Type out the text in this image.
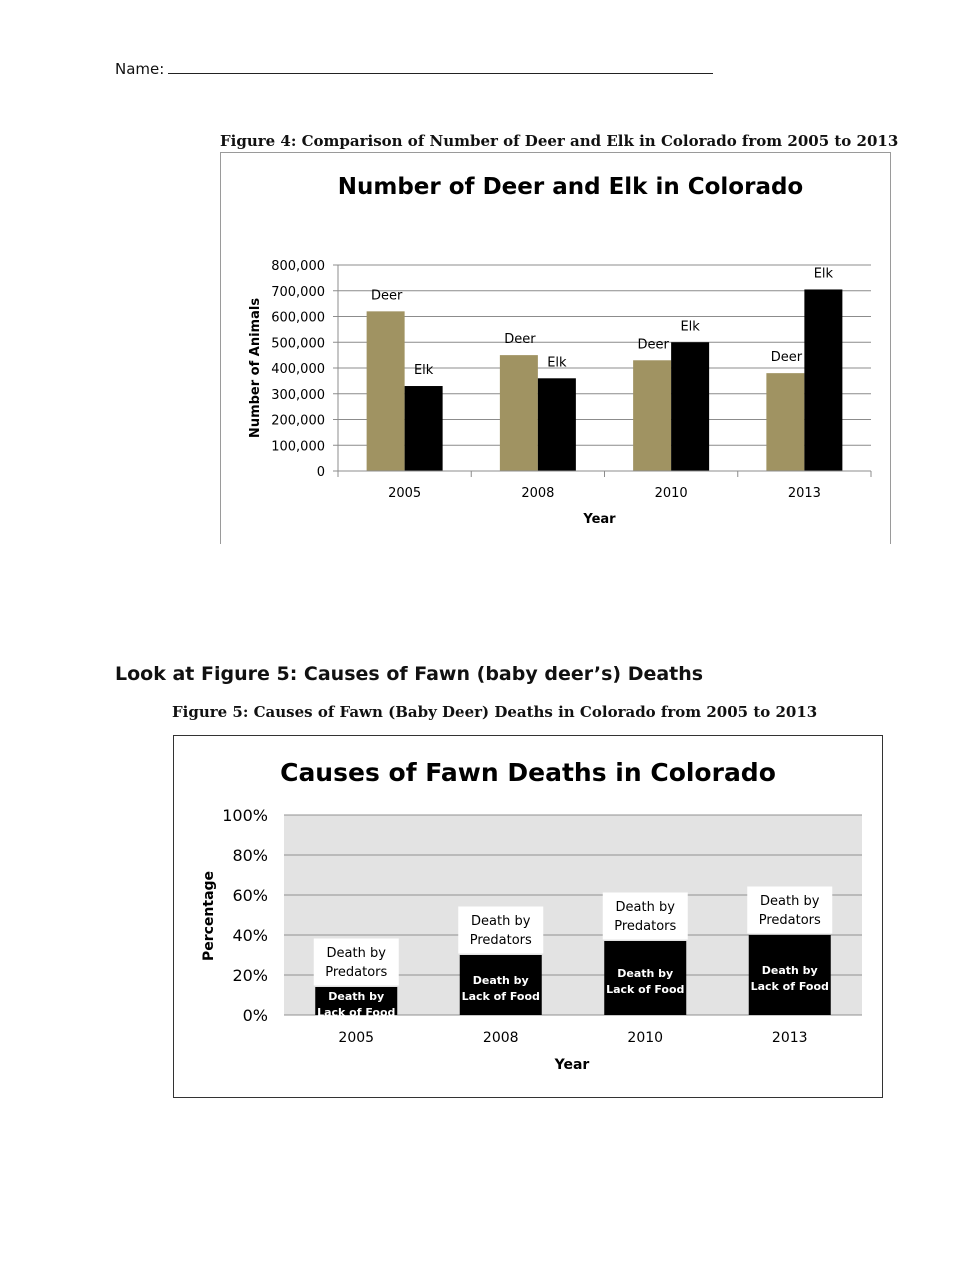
Name:
Figure 4: Comparison of Number of Deer and Elk in Colorado from 2005 to 2013
Number of Deer and Elk in Colorado
0
100,000
200,000
300,000
400,000
500,000
600,000
700,000
800,000
2005
Deer
Elk
2008
Deer
Elk
2010
Deer
Elk
2013
Deer
Elk
Year
Number of Animals
Look at Figure 5: Causes of Fawn (baby deer’s) Deaths
Figure 5: Causes of Fawn (Baby Deer) Deaths in Colorado from 2005 to 2013
Causes of Fawn Deaths in Colorado
0%
20%
40%
60%
80%
100%
Death by
Predators
Death by
Lack of Food
2005
Death by
Predators
Death by
Lack of Food
2008
Death by
Predators
Death by
Lack of Food
2010
Death by
Predators
Death by
Lack of Food
2013
Year
Percentage
